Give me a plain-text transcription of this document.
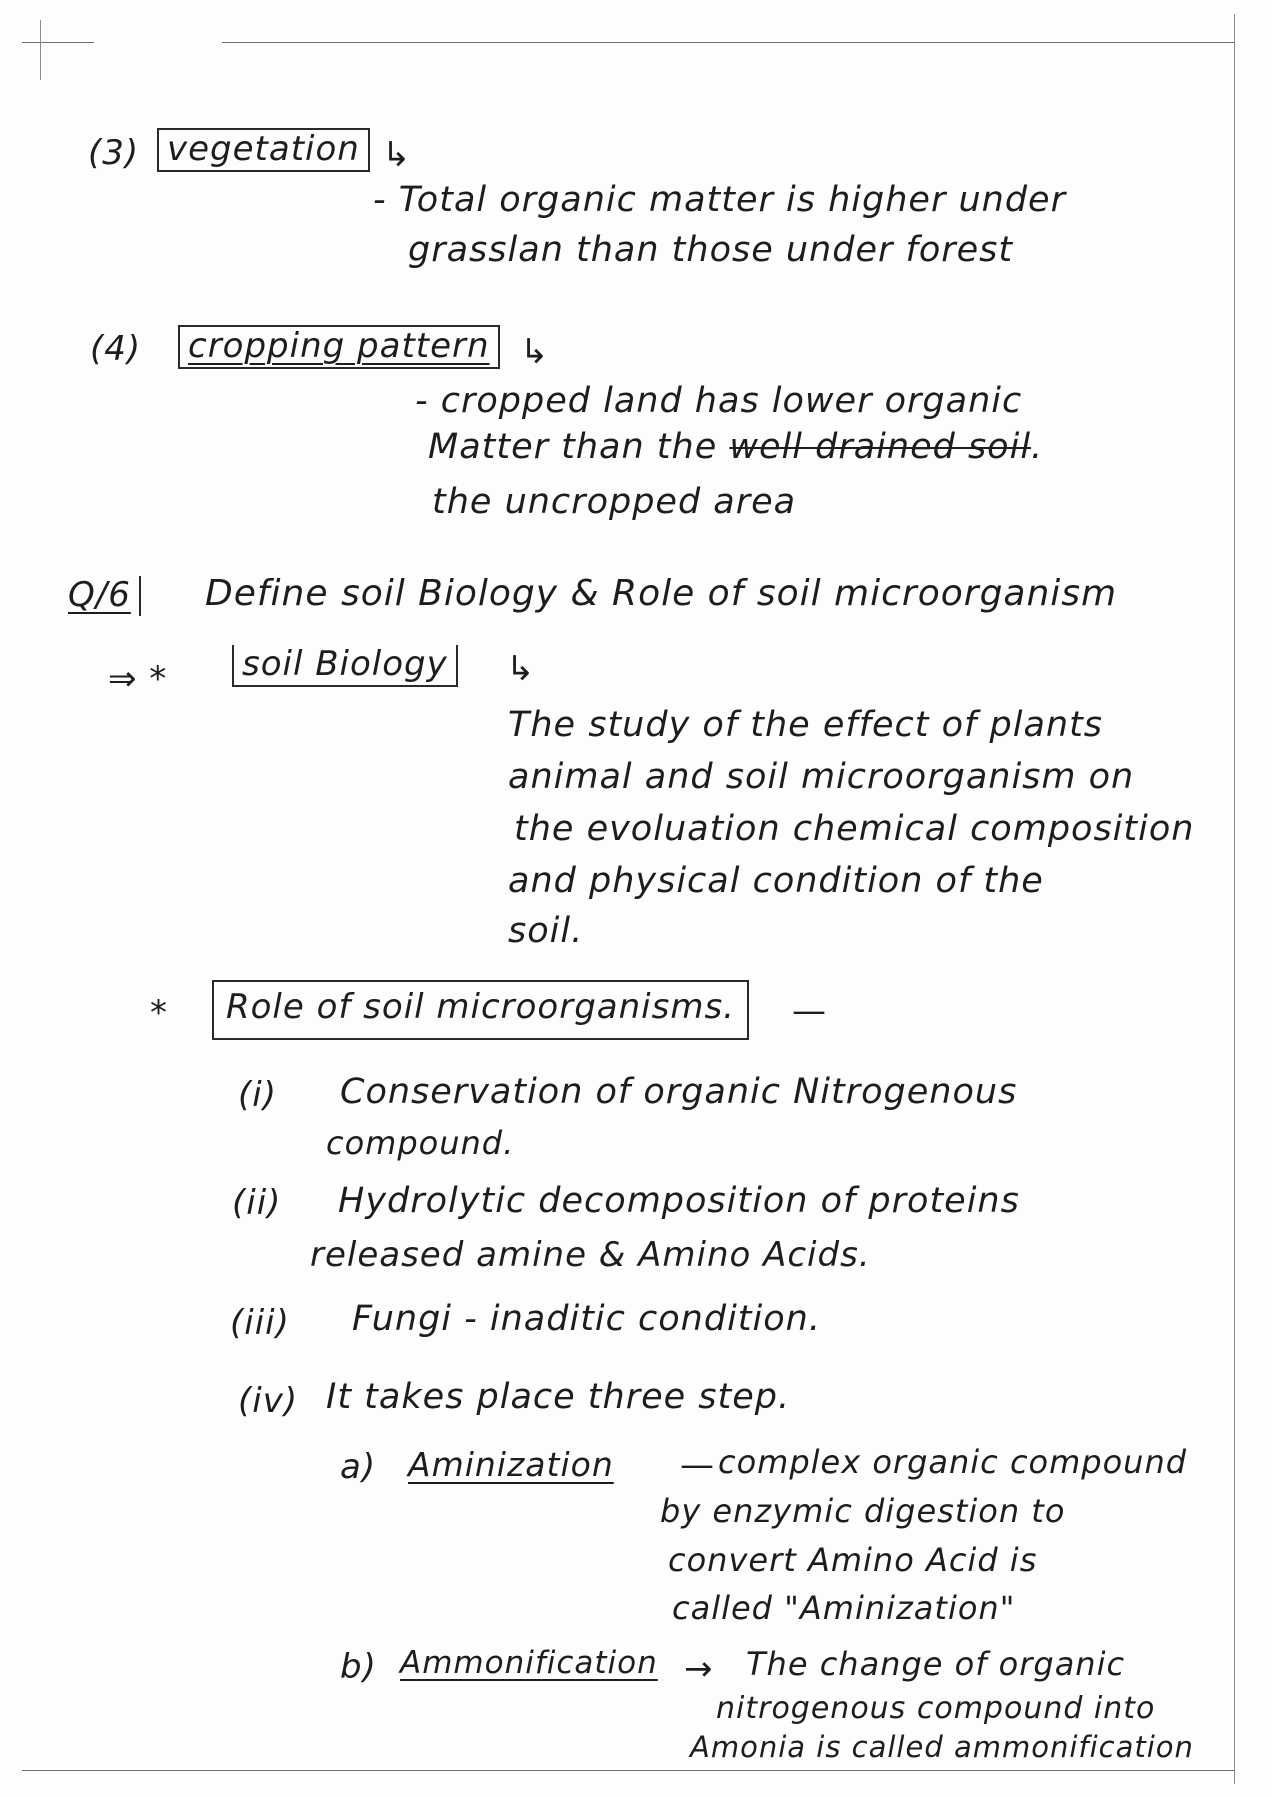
(3) vegetation ↳
- Total organic matter is higher under
grasslan than those under forest
(4) cropping pattern ↳
- cropped land has lower organic
Matter than the well drained soil.
the uncropped area
Q/6 Define soil Biology & Role of soil microorganism
⇒ * soil Biology ↳
The study of the effect of plants
animal and soil microorganism on
the evoluation chemical composition
and physical condition of the
soil.
*	Role of soil microorganisms.	—
(i) Conservation of organic Nitrogenous
compound.
(ii) Hydrolytic decomposition of proteins
released amine & Amino Acids.
(iii) Fungi - inaditic condition.
(iv) It takes place three step.
a) Aminization — complex organic compound
by enzymic digestion to
convert Amino Acid is
called "Aminization"
b) Ammonification → The change of organic
nitrogenous compound into
Amonia is called ammonification
